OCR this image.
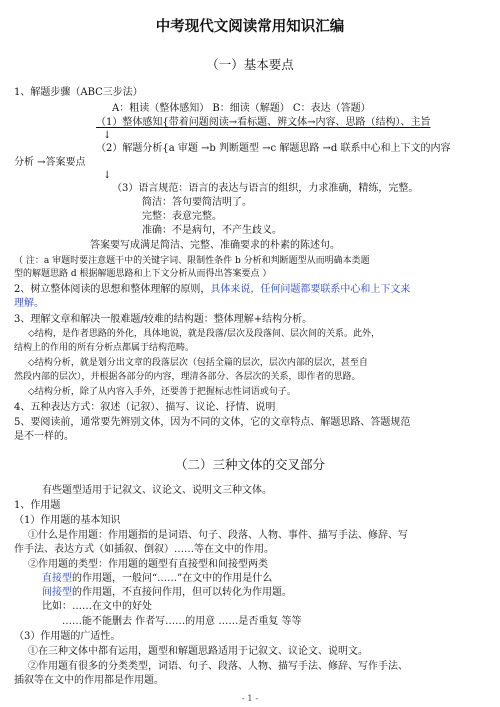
中考现代文阅读常用知识汇编
（一）基本要点
1、解题步骤（ABC三步法）
A：粗读（整体感知） B：细读（解题） C：表达（答题）
（1）整体感知{带着问题阅读→看标题、辨文体→内容、思路（结构）、主旨
↓
（2）解题分析{a 审题 →b 判断题型 →c 解题思路 →d 联系中心和上下文的内容
分析 →答案要点
↓
（3）语言规范：语言的表达与语言的组织，力求准确，精练，完整。
简洁：答句要简洁明了。
完整：表意完整。
准确：不是病句，不产生歧义。
答案要写成满足简洁、完整、准确要求的朴素的陈述句。
（ 注：a 审题时要注意题干中的关键字词、限制性条件 b 分析和判断题型从而明确本类题
型的解题思路 d 根据解题思路和上下文分析从而得出答案要点 ）
2、树立整体阅读的思想和整体理解的原则，具体来说，任何问题都要联系中心和上下文来
理解。
3、理解文章和解决一般难题/较难的结构题：整体理解+结构分析。
◇结构，是作者思路的外化，具体地说，就是段落/层次及段落间、层次间的关系。此外，
结构上的作用的所有分析点都属于结构范畴。
◇结构分析，就是划分出文章的段落层次（包括全篇的层次，层次内部的层次，甚至自
然段内部的层次），并根据各部分的内容，理清各部分、各层次的关系，即作者的思路。
◇结构分析，除了从内容入手外，还要善于把握标志性词语或句子。
4、五种表达方式：叙述（记叙）、描写、议论、抒情、说明
5、要阅读前，通常要先辨别文体，因为不同的文体，它的文章特点、解题思路、答题规范
是不一样的。
（二）三种文体的交叉部分
有些题型适用于记叙文、议论文、说明文三种文体。
1、作用题
（1）作用题的基本知识
①什么是作用题：作用题指的是词语、句子、段落、人物、事件、描写手法、修辞、写
作手法、表达方式（如插叙、倒叙）……等在文中的作用。
②作用题的类型：作用题的题型有直接型和间接型两类
直接型的作用题，一般问“……”在文中的作用是什么
间接型的作用题，不直接问作用，但可以转化为作用题。
比如：……在文中的好处
……能不能删去 作者写……的用意 ……是否重复 等等
（3）作用题的广适性。
①在三种文体中都有运用，题型和解题思路适用于记叙文、议论文、说明文。
②作用题有很多的分类类型，词语、句子、段落、人物、描写手法、修辞、写作手法、
插叙等在文中的作用都是作用题。
- 1 -
